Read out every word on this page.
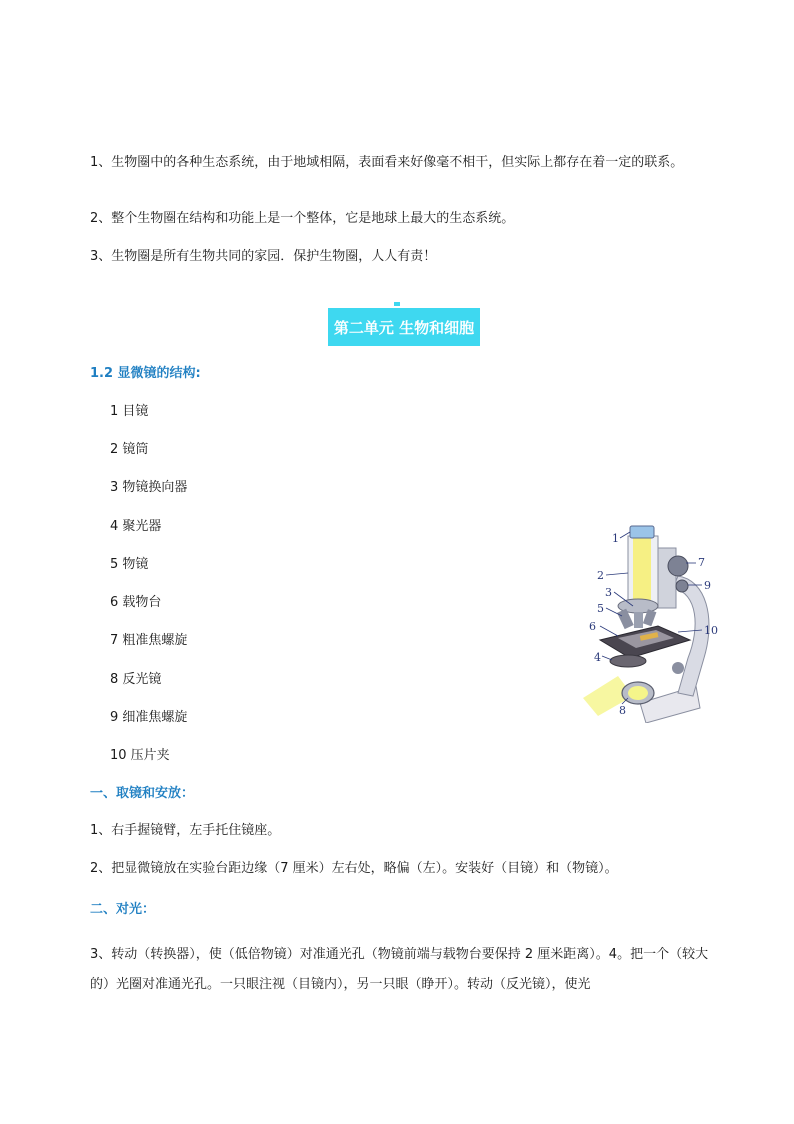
1、生物圈中的各种生态系统，由于地域相隔，表面看来好像毫不相干，但实际上都存在着一定的联系。
2、整个生物圈在结构和功能上是一个整体，它是地球上最大的生态系统。
3、生物圈是所有生物共同的家园．保护生物圈，人人有责！
第二单元 生物和细胞
1.2 显微镜的结构:
1 目镜
2 镜筒
3 物镜换向器
4 聚光器
5 物镜
6 载物台
7 粗准焦螺旋
8 反光镜
9 细准焦螺旋
10 压片夹
1
2
3
5
6
4
8
7
9
10
一、取镜和安放：
1、右手握镜臂，左手托住镜座。
2、把显微镜放在实验台距边缘（7 厘米）左右处，略偏（左）。安装好（目镜）和（物镜）。
二、对光：
3、转动（转换器），使（低倍物镜）对准通光孔（物镜前端与载物台要保持 2 厘米距离）。4。把一个（较大的）光圈对准通光孔。一只眼注视（目镜内），另一只眼（睁开）。转动（反光镜），使光
